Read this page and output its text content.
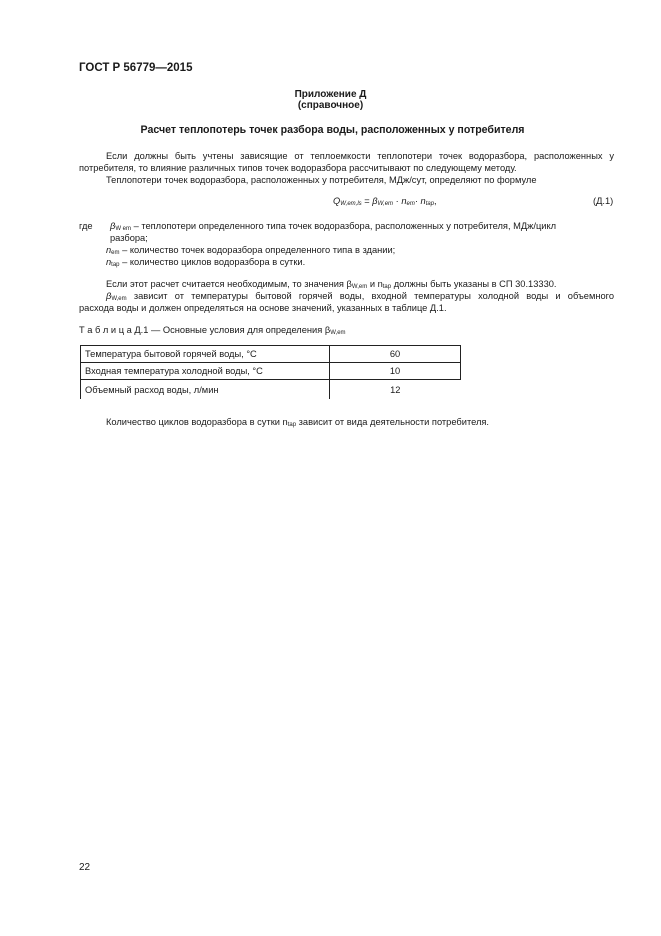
ГОСТ Р 56779—2015
Приложение Д
(справочное)
Расчет теплопотерь точек разбора воды, расположенных у потребителя
Если должны быть учтены зависящие от теплоемкости теплопотери точек водоразбора, расположенных у
потребителя, то влияние различных типов точек водоразбора рассчитывают по следующему методу.
Теплопотери точек водоразбора, расположенных у потребителя, МДж/сут, определяют по формуле
QW,em,ls = βW,em · nem· ntap,	(Д.1)
где βW em – теплопотери определенного типа точек водоразбора, расположенных у потребителя, МДж/цикл
разбора;
nem – количество точек водоразбора определенного типа в здании;
ntap – количество циклов водоразбора в сутки.
Если этот расчет считается необходимым, то значения βW,em и ntap должны быть указаны в СП 30.13330.
βW,em зависит от температуры бытовой горячей воды, входной температуры холодной воды и объемного
расхода воды и должен определяться на основе значений, указанных в таблице Д.1.
Т а б л и ц а Д.1 — Основные условия для определения βW,em
Температура бытовой горячей воды, °С	60
Входная температура холодной воды, °С	10
Объемный расход воды, л/мин	12
Количество циклов водоразбора в сутки ntap зависит от вида деятельности потребителя.
22
